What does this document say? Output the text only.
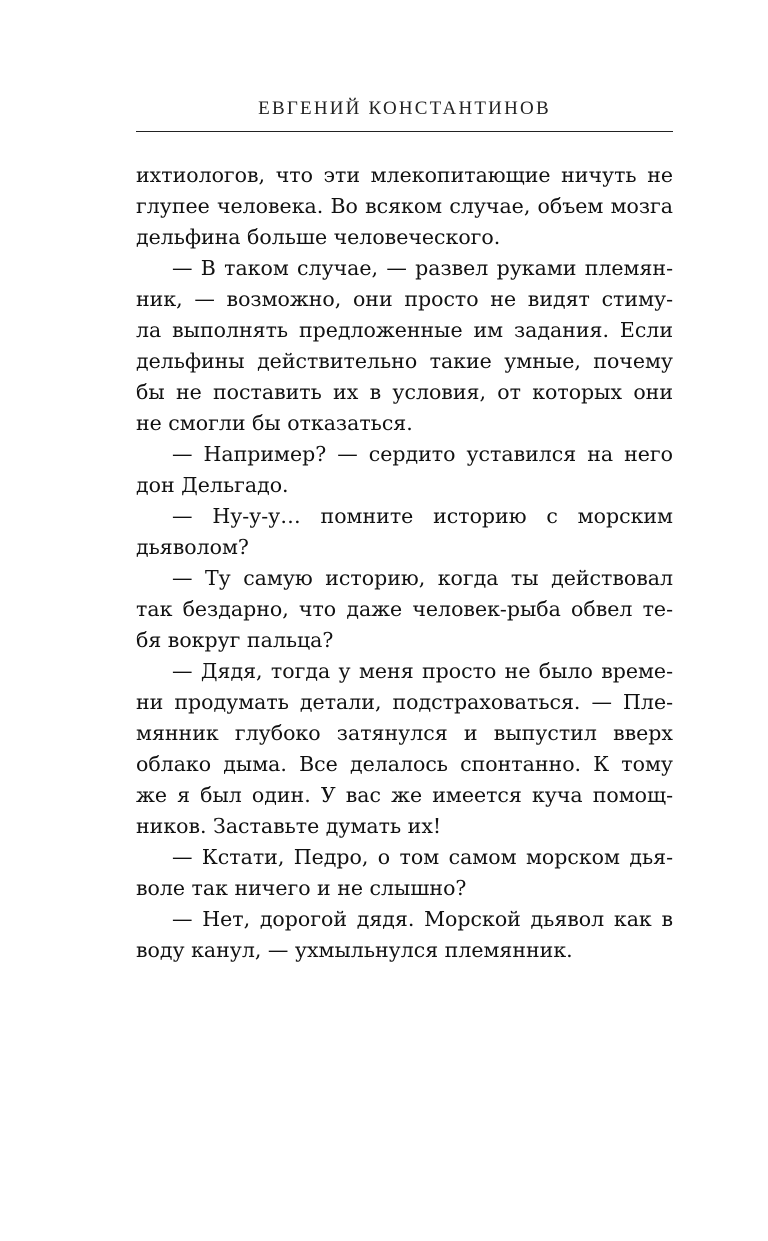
ЕВГЕНИЙ КОНСТАНТИНОВ
ихтиологов, что эти млекопитающие ничуть не
глупее человека. Во всяком случае, объем мозга
дельфина больше человеческого.
— В таком случае, — развел руками племян-
ник, — возможно, они просто не видят стиму-
ла выполнять предложенные им задания. Если
дельфины действительно такие умные, почему
бы не поставить их в условия, от которых они
не смогли бы отказаться.
— Например? — сердито уставился на него
дон Дельгадо.
— Ну-у-у… помните историю с морским
дьяволом?
— Ту самую историю, когда ты действовал
так бездарно, что даже человек-рыба обвел те-
бя вокруг пальца?
— Дядя, тогда у меня просто не было време-
ни продумать детали, подстраховаться. — Пле-
мянник глубоко затянулся и выпустил вверх
облако дыма. Все делалось спонтанно. К тому
же я был один. У вас же имеется куча помощ-
ников. Заставьте думать их!
— Кстати, Педро, о том самом морском дья-
воле так ничего и не слышно?
— Нет, дорогой дядя. Морской дьявол как в
воду канул, — ухмыльнулся племянник.
